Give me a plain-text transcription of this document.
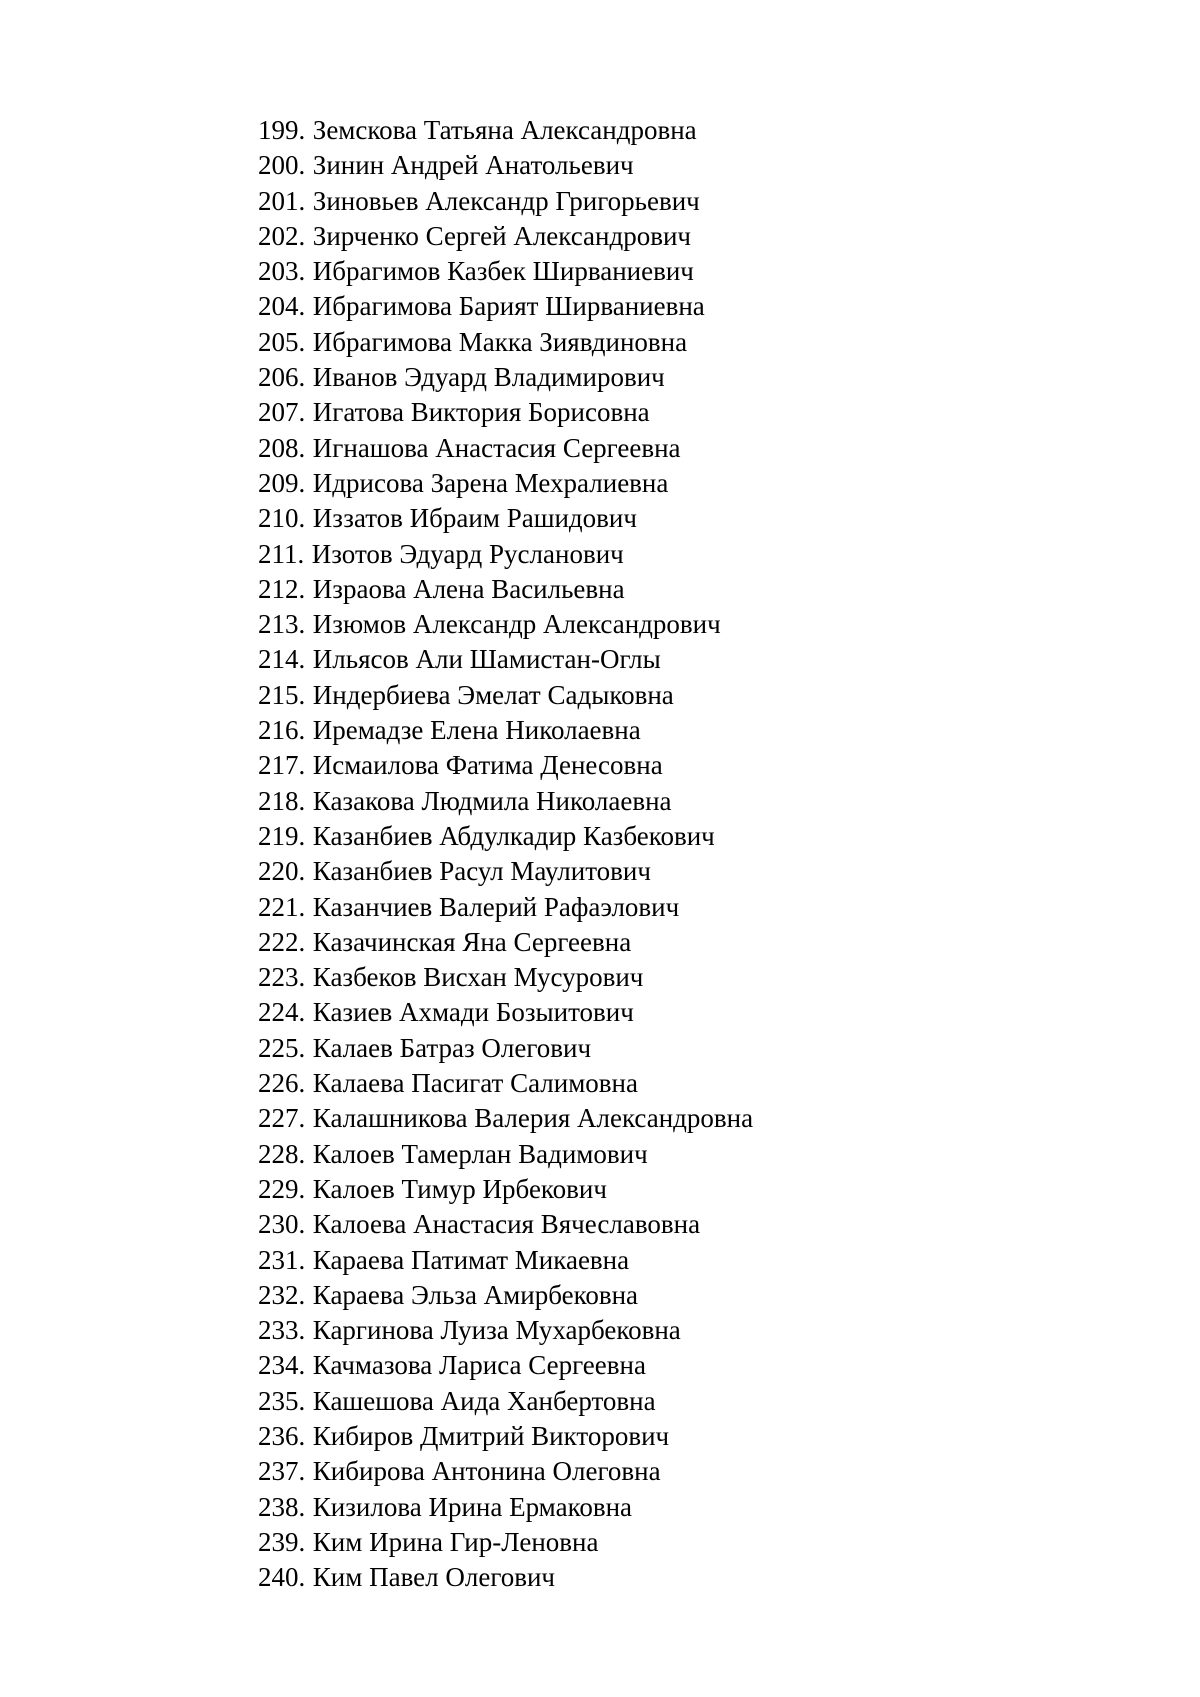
199. Земскова Татьяна Александровна
200. Зинин Андрей Анатольевич
201. Зиновьев Александр Григорьевич
202. Зирченко Сергей Александрович
203. Ибрагимов Казбек Ширваниевич
204. Ибрагимова Барият Ширваниевна
205. Ибрагимова Макка Зиявдиновна
206. Иванов Эдуард Владимирович
207. Игатова Виктория Борисовна
208. Игнашова Анастасия Сергеевна
209. Идрисова Зарена Мехралиевна
210. Иззатов Ибраим Рашидович
211. Изотов Эдуард Русланович
212. Израова Алена Васильевна
213. Изюмов Александр Александрович
214. Ильясов Али Шамистан-Оглы
215. Индербиева Эмелат Садыковна
216. Иремадзе Елена Николаевна
217. Исмаилова Фатима Денесовна
218. Казакова Людмила Николаевна
219. Казанбиев Абдулкадир Казбекович
220. Казанбиев Расул Маулитович
221. Казанчиев Валерий Рафаэлович
222. Казачинская Яна Сергеевна
223. Казбеков Висхан Мусурович
224. Казиев Ахмади Бозыитович
225. Калаев Батраз Олегович
226. Калаева Пасигат Салимовна
227. Калашникова Валерия Александровна
228. Калоев Тамерлан Вадимович
229. Калоев Тимур Ирбекович
230. Калоева Анастасия Вячеславовна
231. Караева Патимат Микаевна
232. Караева Эльза Амирбековна
233. Каргинова Луиза Мухарбековна
234. Качмазова Лариса Сергеевна
235. Кашешова Аида Ханбертовна
236. Кибиров Дмитрий Викторович
237. Кибирова Антонина Олеговна
238. Кизилова Ирина Ермаковна
239. Ким Ирина Гир-Леновна
240. Ким Павел Олегович
